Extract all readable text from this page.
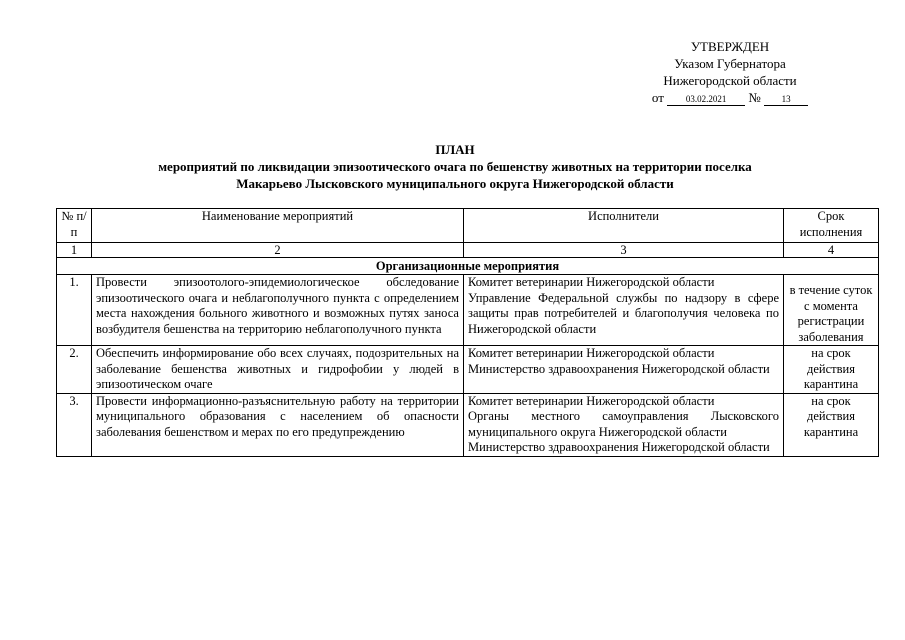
УТВЕРЖДЕН
Указом Губернатора
Нижегородской области
от 03.02.2021 № 13
ПЛАН
мероприятий по ликвидации эпизоотического очага по бешенству животных на территории поселка
Макарьево Лысковского муниципального округа Нижегородской области
№ п/п	Наименование мероприятий	Исполнители	Срок исполнения
1	2	3	4
Организационные мероприятия			
1.	Провести эпизоотолого-эпидемиологическое обследование эпизоотического очага и неблагополучного пункта с определением места нахождения больного животного и возможных путях заноса возбудителя бешенства на территорию неблагополучного пункта	Комитет ветеринарии Нижегородской области
Управление Федеральной службы по надзору в сфере защиты прав потребителей и благополучия человека по Нижегородской области	в течение суток с момента регистрации заболевания
2.	Обеспечить информирование обо всех случаях, подозрительных на заболевание бешенства животных и гидрофобии у людей в эпизоотическом очаге	Комитет ветеринарии Нижегородской области
Министерство здравоохранения Нижегородской области	на срок действия карантина
3.	Провести информационно-разъяснительную работу на территории муниципального образования с населением об опасности заболевания бешенством и мерах по его предупреждению	Комитет ветеринарии Нижегородской области
Органы местного самоуправления Лысковского муниципального округа Нижегородской области
Министерство здравоохранения Нижегородской области	на срок действия карантина
